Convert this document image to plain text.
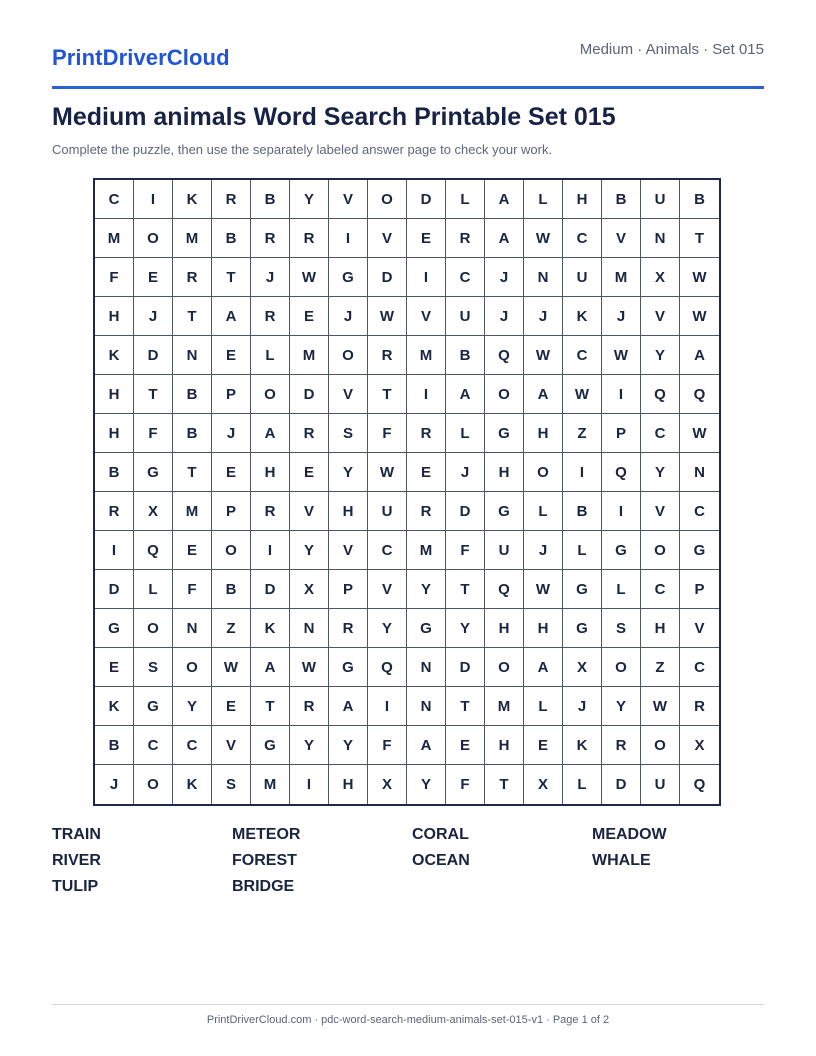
PrintDriverCloud	Medium · Animals · Set 015
Medium animals Word Search Printable Set 015
Complete the puzzle, then use the separately labeled answer page to check your work.
C	I	K	R	B	Y	V	O	D	L	A	L	H	B	U	B
M	O	M	B	R	R	I	V	E	R	A	W	C	V	N	T
F	E	R	T	J	W	G	D	I	C	J	N	U	M	X	W
H	J	T	A	R	E	J	W	V	U	J	J	K	J	V	W
K	D	N	E	L	M	O	R	M	B	Q	W	C	W	Y	A
H	T	B	P	O	D	V	T	I	A	O	A	W	I	Q	Q
H	F	B	J	A	R	S	F	R	L	G	H	Z	P	C	W
B	G	T	E	H	E	Y	W	E	J	H	O	I	Q	Y	N
R	X	M	P	R	V	H	U	R	D	G	L	B	I	V	C
I	Q	E	O	I	Y	V	C	M	F	U	J	L	G	O	G
D	L	F	B	D	X	P	V	Y	T	Q	W	G	L	C	P
G	O	N	Z	K	N	R	Y	G	Y	H	H	G	S	H	V
E	S	O	W	A	W	G	Q	N	D	O	A	X	O	Z	C
K	G	Y	E	T	R	A	I	N	T	M	L	J	Y	W	R
B	C	C	V	G	Y	Y	F	A	E	H	E	K	R	O	X
J	O	K	S	M	I	H	X	Y	F	T	X	L	D	U	Q
TRAIN	METEOR	CORAL	MEADOW
RIVER	FOREST	OCEAN	WHALE
TULIP	BRIDGE
PrintDriverCloud.com · pdc-word-search-medium-animals-set-015-v1 · Page 1 of 2
